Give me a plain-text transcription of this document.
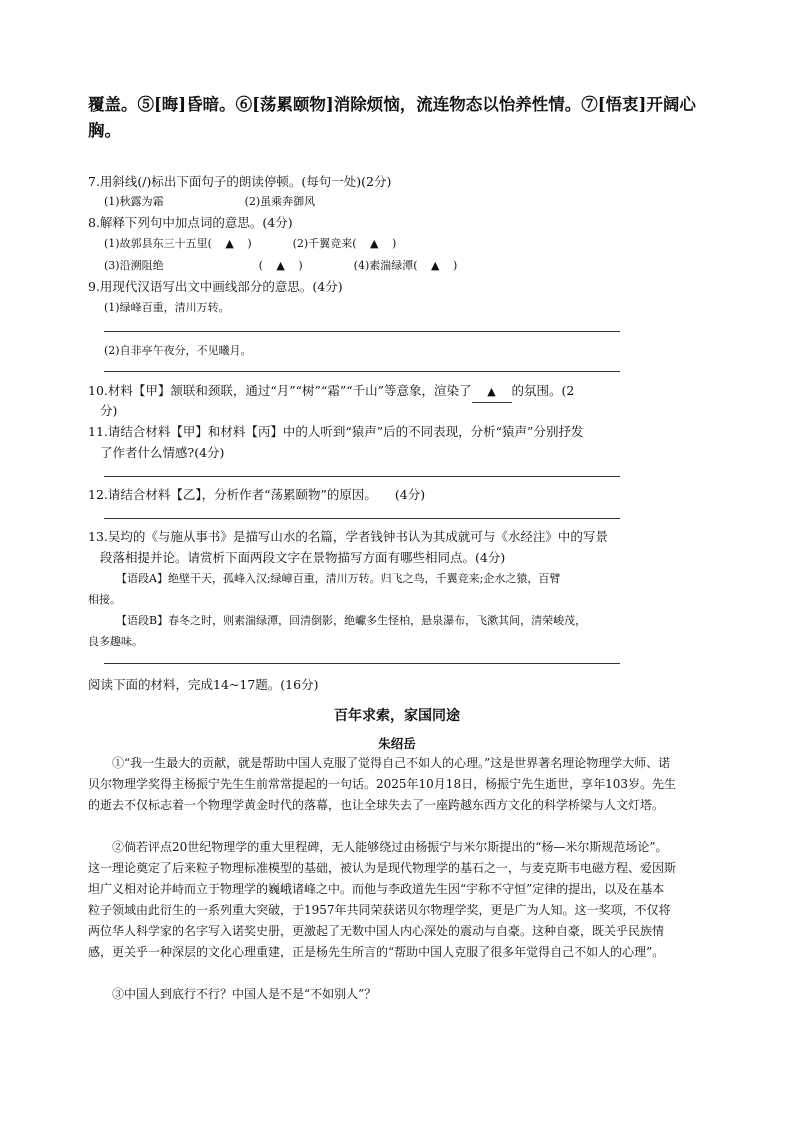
覆盖。⑤[晦]昏暗。⑥[荡累颐物]消除烦恼，流连物态以怡养性情。⑦[悟衷]开阔心胸。
7.用斜线(/)标出下面句子的朗读停顿。(每句一处)(2分)
(1)秋露为霜	(2)虽乘奔御风
8.解释下列句中加点词的意思。(4分)
(1)故郭县东三十五里( ▲ )	(2)千翼竞来( ▲ )
(3)沿溯阻绝	( ▲ )	(4)素湍绿潭( ▲ )
9.用现代汉语写出文中画线部分的意思。(4分)
(1)绿峰百重，清川万转。
(2)自非亭午夜分，不见曦月。
10.材料【甲】颔联和颈联，通过“月”“树”“霜”“千山”等意象，渲染了 ▲ 的氛围。(2
分)
11.请结合材料【甲】和材料【丙】中的人听到“猿声”后的不同表现，分析“猿声”分别抒发
了作者什么情感?(4分)
12.请结合材料【乙】，分析作者“荡累颐物”的原因。 (4分)
13.吴均的《与施从事书》是描写山水的名篇，学者钱钟书认为其成就可与《水经注》中的写景
段落相提并论。请赏析下面两段文字在景物描写方面有哪些相同点。(4分)
【语段A】绝壁干天，孤峰入汉;绿嶂百重，清川万转。归飞之鸟，千翼竞来;企水之猿，百臂
相接。
【语段B】春冬之时，则素湍绿潭，回清倒影，绝巘多生怪柏，悬泉瀑布，飞漱其间，清荣峻茂，
良多趣味。
阅读下面的材料，完成14~17题。(16分)
百年求索，家国同途
朱绍岳
①“我一生最大的贡献，就是帮助中国人克服了觉得自己不如人的心理。”这是世界著名理论物理学大师、诺贝尔物理学奖得主杨振宁先生生前常常提起的一句话。2025年10月18日，杨振宁先生逝世，享年103岁。先生的逝去不仅标志着一个物理学黄金时代的落幕，也让全球失去了一座跨越东西方文化的科学桥梁与人文灯塔。
②倘若评点20世纪物理学的重大里程碑，无人能够绕过由杨振宁与米尔斯提出的“杨—米尔斯规范场论”。这一理论奠定了后来粒子物理标准模型的基础，被认为是现代物理学的基石之一，与麦克斯韦电磁方程、爱因斯坦广义相对论并峙而立于物理学的巍峨诸峰之中。而他与李政道先生因“宇称不守恒”定律的提出，以及在基本粒子领域由此衍生的一系列重大突破，于1957年共同荣获诺贝尔物理学奖，更是广为人知。这一奖项，不仅将两位华人科学家的名字写入诺奖史册，更激起了无数中国人内心深处的震动与自豪。这种自豪，既关乎民族情感，更关乎一种深层的文化心理重建，正是杨先生所言的“帮助中国人克服了很多年觉得自己不如人的心理”。
③中国人到底行不行？中国人是不是“不如别人”？
